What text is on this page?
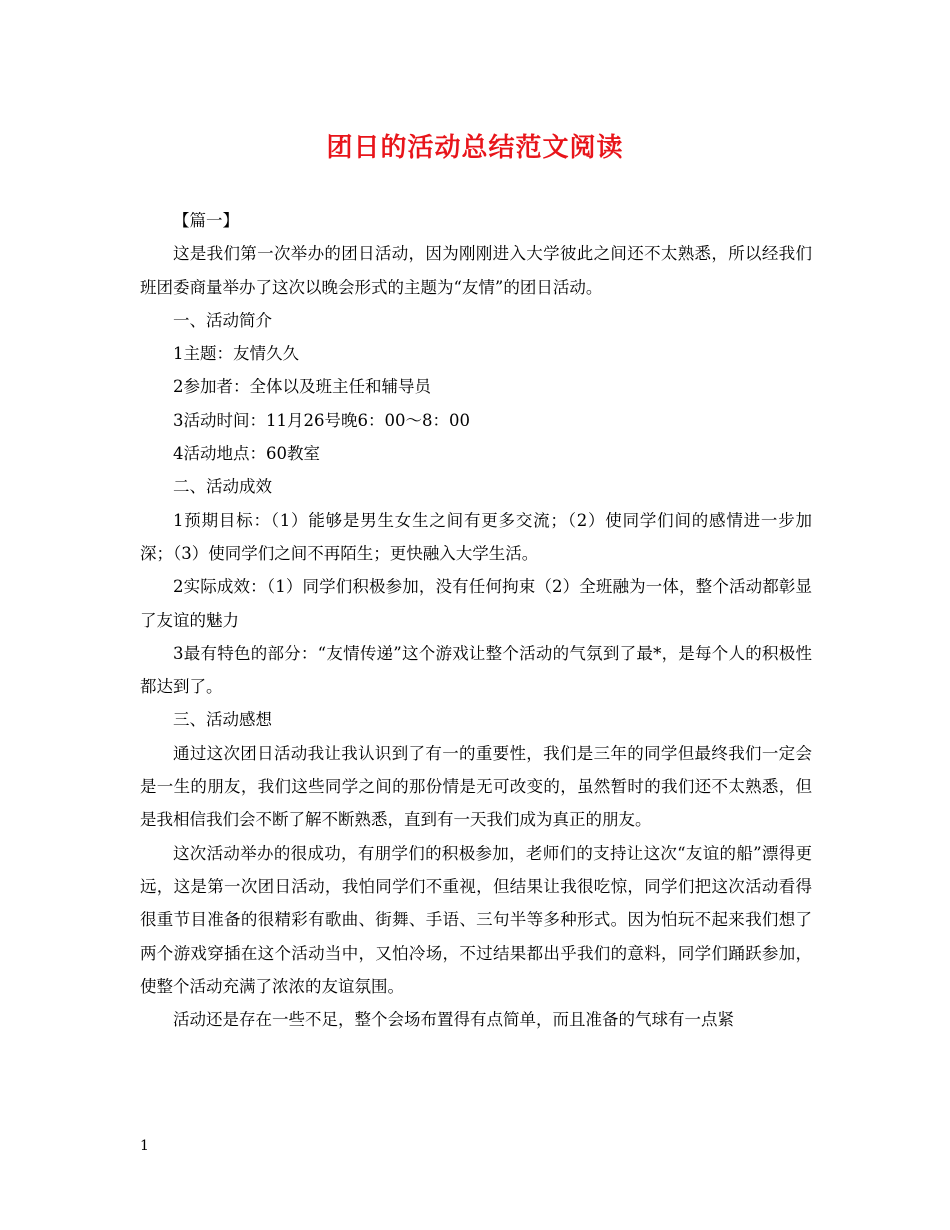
团日的活动总结范文阅读

【篇一】

这是我们第一次举办的团日活动，因为刚刚进入大学彼此之间还不太熟悉，所以经我们班团委商量举办了这次以晚会形式的主题为“友情”的团日活动。

一、活动简介

1主题：友情久久

2参加者：全体以及班主任和辅导员

3活动时间：11月26号晚6：00～8：00

4活动地点：60教室

二、活动成效

1预期目标：（1）能够是男生女生之间有更多交流；（2）使同学们间的感情进一步加深；（3）使同学们之间不再陌生；更快融入大学生活。

2实际成效：（1）同学们积极参加，没有任何拘束（2）全班融为一体，整个活动都彰显了友谊的魅力

3最有特色的部分：“友情传递”这个游戏让整个活动的气氛到了最*，是每个人的积极性都达到了。

三、活动感想

通过这次团日活动我让我认识到了有一的重要性，我们是三年的同学但最终我们一定会是一生的朋友，我们这些同学之间的那份情是无可改变的，虽然暂时的我们还不太熟悉，但是我相信我们会不断了解不断熟悉，直到有一天我们成为真正的朋友。

这次活动举办的很成功，有朋学们的积极参加，老师们的支持让这次“友谊的船”漂得更远，这是第一次团日活动，我怕同学们不重视，但结果让我很吃惊，同学们把这次活动看得很重节目准备的很精彩有歌曲、街舞、手语、三句半等多种形式。因为怕玩不起来我们想了两个游戏穿插在这个活动当中，又怕冷场，不过结果都出乎我们的意料，同学们踊跃参加，使整个活动充满了浓浓的友谊氛围。

活动还是存在一些不足，整个会场布置得有点简单，而且准备的气球有一点紧

1
